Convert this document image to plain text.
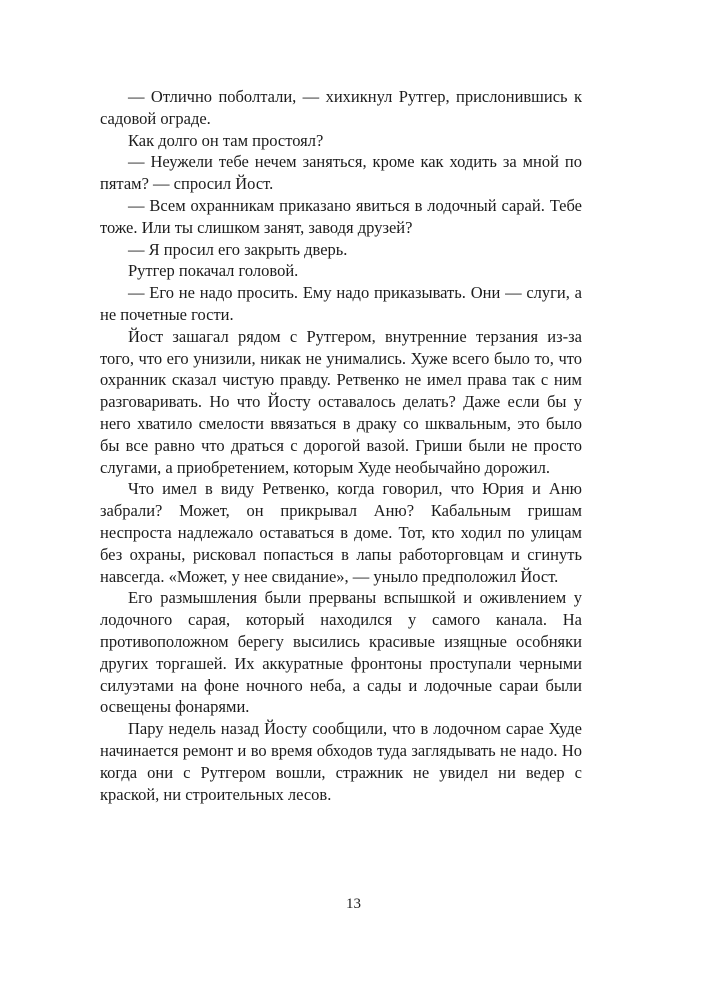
— Отлично поболтали, — хихикнул Рутгер, прислонившись к садовой ограде.

Как долго он там простоял?

— Неужели тебе нечем заняться, кроме как ходить за мной по пятам? — спросил Йост.

— Всем охранникам приказано явиться в лодочный сарай. Тебе тоже. Или ты слишком занят, заводя друзей?

— Я просил его закрыть дверь.

Рутгер покачал головой.

— Его не надо просить. Ему надо приказывать. Они — слуги, а не почетные гости.

Йост зашагал рядом с Рутгером, внутренние терзания из-за того, что его унизили, никак не унимались. Хуже всего было то, что охранник сказал чистую правду. Ретвенко не имел права так с ним разговаривать. Но что Йосту оставалось делать? Даже если бы у него хватило смелости ввязаться в драку со шквальным, это было бы все равно что драться с дорогой вазой. Гриши были не просто слугами, а приобретением, которым Худе необычайно дорожил.

Что имел в виду Ретвенко, когда говорил, что Юрия и Аню забрали? Может, он прикрывал Аню? Кабальным гришам неспроста надлежало оставаться в доме. Тот, кто ходил по улицам без охраны, рисковал попасться в лапы работорговцам и сгинуть навсегда. «Может, у нее свидание», — уныло предположил Йост.

Его размышления были прерваны вспышкой и оживлением у лодочного сарая, который находился у самого канала. На противоположном берегу высились красивые изящные особняки других торгашей. Их аккуратные фронтоны проступали черными силуэтами на фоне ночного неба, а сады и лодочные сараи были освещены фонарями.

Пару недель назад Йосту сообщили, что в лодочном сарае Худе начинается ремонт и во время обходов туда заглядывать не надо. Но когда они с Рутгером вошли, стражник не увидел ни ведер с краской, ни строительных лесов.

13
